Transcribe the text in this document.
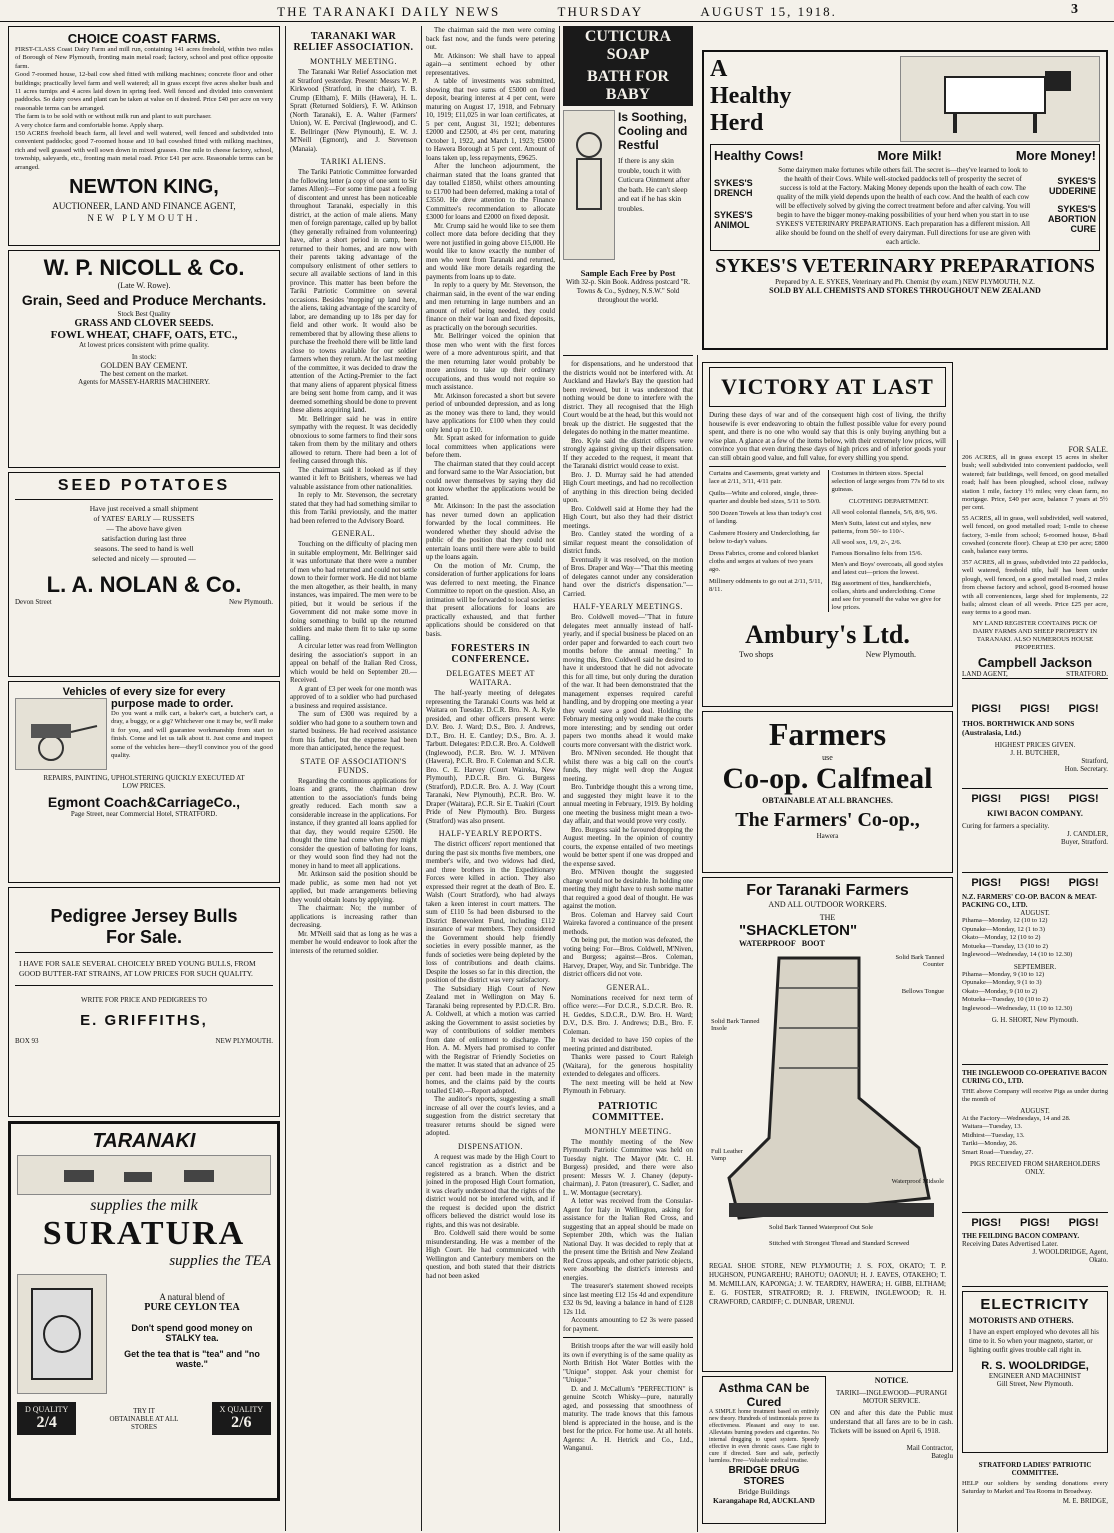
THE TARANAKI DAILY NEWS	THURSDAY	AUGUST 15, 1918.	3
CHOICE COAST FARMS.
FIRST-CLASS Coast Dairy Farm and mill run, containing 141 acres freehold, within two miles of Borough of New Plymouth, fronting main metal road; factory, school and post office opposite farm.
Good 7-roomed house, 12-bail cow shed fitted with milking machines; concrete floor and other buildings; practically level farm and well watered; all in grass except five acres shelter bush and 11 acres turnips and 4 acres laid down in spring feed. Well fenced and divided into convenient paddocks. So dairy cows and plant can be taken at value on if desired. Price £40 per acre on very reasonable terms can be arranged.
The farm is to be sold with or without milk run and plant to suit purchaser.
A very choice farm and comfortable home. Apply sharp.
150 ACRES freehold beach farm, all level and well watered, well fenced and subdivided into convenient paddocks; good 7-roomed house and 10 bail cowshed fitted with milking machines, rich and well grassed with well sown down in mixed grasses. One mile to cheese factory, school, township, saleyards, etc., fronting main metal road. Price £41 per acre. Reasonable terms can be arranged.
NEWTON KING,
AUCTIONEER, LAND AND FINANCE AGENT,
NEW PLYMOUTH.
W. P. NICOLL & Co.
(Late W. Rowe).
Grain, Seed and Produce Merchants.
Stock Best Quality
GRASS AND CLOVER SEEDS.
FOWL WHEAT, CHAFF, OATS, ETC.,
At lowest prices consistent with prime quality.
In stock:
GOLDEN BAY CEMENT.
The best cement on the market.
Agents for MASSEY-HARRIS MACHINERY.
SEED POTATOES
Have just received a small shipment of YATES' EARLY — RUSSETS — The above have given satisfaction during last three seasons. The seed to hand is well selected and nicely — sprouted —
L. A. NOLAN & Co.
Devon Street	New Plymouth.
Vehicles of every size for every
purpose made to order.
Do you want a milk cart, a baker's cart, a butcher's cart, a dray, a buggy, or a gig? Whichever one it may be, we'll make it for you, and will guarantee workmanship from start to finish. Come and let us talk about it. Just come and inspect some of the vehicles here—they'll convince you of the good quality.
REPAIRS, PAINTING, UPHOLSTERING QUICKLY EXECUTED AT LOW PRICES.
Egmont Coach&CarriageCo.,
Page Street, near Commercial Hotel, STRATFORD.
Pedigree Jersey Bulls
For Sale.
I HAVE FOR SALE SEVERAL CHOICELY BRED YOUNG BULLS, FROM GOOD BUTTER-FAT STRAINS, AT LOW PRICES FOR SUCH QUALITY.
WRITE FOR PRICE AND PEDIGREES TO
E. GRIFFITHS,
BOX 93	NEW PLYMOUTH.
TARANAKI
supplies the milk
SURATURA
supplies the TEA
A natural blend of
PURE CEYLON TEA
Don't spend good money on STALKY tea.
Get the tea that is "tea" and "no waste."
D QUALITY
2/4
TRY IT
OBTAINABLE AT ALL STORES
X QUALITY
2/6
TARANAKI WAR RELIEF ASSOCIATION.
MONTHLY MEETING.

The Taranaki War Relief Association met at Stratford yesterday. Present: Messrs W. P. Kirkwood (Stratford, in the chair), T. B. Crump (Eltham), F. Mills (Hawera), H. L. Spratt (Returned Soldiers), F. W. Atkinson (North Taranaki), E. A. Walter (Farmers' Union), W. E. Percival (Inglewood), and C. E. Bellringer (New Plymouth), E. W. J. M'Neill (Egmont), and J. Stevenson (Manaia).

TARIKI ALIENS.

The Tariki Patriotic Committee forwarded the following letter (a copy of one sent to Sir James Allen):—For some time past a feeling of discontent and unrest has been noticeable throughout Taranaki, especially in this district, at the action of male aliens. Many men of foreign parentage, called up by ballot (they generally refrained from volunteering) have, after a short period in camp, been returned to their homes, and are now with their parents taking advantage of the compulsory enlistment of other settlers to secure all available sections of land in this province. This matter has been before the Tariki Patriotic Committee on several occasions. Besides 'mopping' up land here, the aliens, taking advantage of the scarcity of labor, are demanding up to 18s per day for field and other work. It would also be remembered that by allowing these aliens to purchase the freehold there will be little land close to towns available for our soldier farmers when they return. At the last meeting of the committee, it was decided to draw the attention of the Acting-Premier to the fact that many aliens of apparent physical fitness are being sent home from camp, and it was deemed something should be done to prevent these aliens acquiring land.

Mr. Bellringer said he was in entire sympathy with the request. It was decidedly obnoxious to some farmers to find their sons taken from them by the military and others allowed to return. There had been a lot of feeling caused through this.

The chairman said it looked as if they wanted it left to Britishers, whereas we had valuable assistance from other nationalities.

In reply to Mr. Stevenson, the secretary stated that they had had something similar to this from Tariki previously, and the matter had been referred to the Advisory Board.

GENERAL.

Touching on the difficulty of placing men in suitable employment, Mr. Bellringer said it was unfortunate that there were a number of men who had returned and could not settle down to their former work. He did not blame the men altogether, as their health, in many instances, was impaired. The men were to be pitied, but it would be serious if the Government did not make some move in doing something to build up the returned soldiers and make them fit to take up some calling.

A circular letter was read from Wellington desiring the association's support in an appeal on behalf of the Italian Red Cross, which would be held on September 20.—Received.

A grant of £3 per week for one month was approved of to a soldier who had purchased a business and required assistance.

The sum of £300 was required by a soldier who had gone to a southern town and started business. He had received assistance from his father, but the expense had been more than anticipated, hence the request.

STATE OF ASSOCIATION'S FUNDS.

Regarding the continuous applications for loans and grants, the chairman drew attention to the association's funds being greatly reduced. Each month saw a considerable increase in the applications. For instance, if they granted all loans applied for that day, they would require £2500. He thought the time had come when they might consider the question of balloting for loans, or they would soon find they had not the money in hand to meet all applications.

Mr. Atkinson said the position should be made public, as some men had not yet applied, but made arrangements believing they would obtain loans by applying.

The chairman: No; the number of applications is increasing rather than decreasing.

Mr. M'Neill said that as long as he was a member he would endeavor to look after the interests of the returned soldier.

The chairman said the men were coming back fast now, and the funds were petering out.

Mr. Atkinson: We shall have to appeal again—a sentiment echoed by other representatives.

A table of investments was submitted, showing that two sums of £5000 on fixed deposit, bearing interest at 4 per cent, were maturing on August 17, 1918, and February 10, 1919; £11,025 in war loan certificates, at 5 per cent, August 31, 1921; debentures £2000 and £2500, at 4½ per cent, maturing October 1, 1922, and March 1, 1923; £5000 to Hawera Borough at 5 per cent. Amount of loans taken up, less repayments, £9625.

After the luncheon adjournment, the chairman stated that the loans granted that day totalled £1850, whilst others amounting to £1700 had been deferred, making a total of £3550. He drew attention to the Finance Committee's recommendation to allocate £3000 for loans and £2000 on fixed deposit.

Mr. Crump said he would like to see them collect more data before deciding that they were not justified in going above £15,000. He would like to know exactly the number of men who went from Taranaki and returned, and would like more details regarding the payments from loans up to date.

In reply to a query by Mr. Stevenson, the chairman said, in the event of the war ending and men returning in large numbers and an amount of relief being needed, they could finance on their war loan and fixed deposits, as practically on the borough securities.

Mr. Bellringer voiced the opinion that those men who went with the first forces were of a more adventurous spirit, and that the men returning later would probably be more anxious to take up their ordinary occupations, and thus would not require so much assistance.

Mr. Atkinson forecasted a short but severe period of unbounded depression, and as long as the money was there to land, they would have applications for £100 when they could only lend up to £10.

Mr. Spratt asked for information to guide local committees when applications were before them.

The chairman stated that they could accept and forward same to the War Association, but could never themselves by saying they did not know whether the applications would be granted.

Mr. Atkinson: In the past the association has never turned down an application forwarded by the local committees. He wondered whether they should advise the public of the position that they could not entertain loans until there were able to build up the loans again.

On the motion of Mr. Crump, the consideration of further applications for loans was deferred to next meeting, the Finance Committee to report on the question. Also, an intimation will be forwarded to local societies that present allocations for loans are practically exhausted, and that further applications should be considered on that basis.

FORESTERS IN CONFERENCE.
DELEGATES MEET AT WAITARA.

The half-yearly meeting of delegates representing the Taranaki Courts was held at Waitara on Tuesday. D.C.R. Bro. N. A. Kyle presided, and other officers present were: D.V. Bro. J. Ward; D.S., Bro. J. Andrews, D.T., Bro. H. E. Cantley; D.S., Bro. A. J. Tarbutt. Delegates: P.D.C.R. Bro. A. Coldwell (Inglewood), P.C.R. Bro. W. J. M'Niven (Hawera), P.C.R. Bro. F. Coleman and S.C.R. Bro. C. E. Harvey (Court Waireka, New Plymouth), P.D.C.R. Bro. G. Burgess (Stratford), P.D.C.R. Bro. A. J. Way (Court Taranaki, New Plymouth), P.C.R. Bro. W. Draper (Waitara), P.C.R. Sir E. Tuakiri (Court Pride of New Plymouth). Bro. Burgess (Stratford) was also present.

HALF-YEARLY REPORTS.

The district officers' report mentioned that during the past six months five members, one member's wife, and two widows had died, and three brothers in the Expeditionary Forces were killed in action. They also expressed their regret at the death of Bro. E. Walsh (Court Stratford), who had always taken a keen interest in court matters. The sum of £110 5s had been disbursed to the District Benevolent Fund, including £112 insurance of war members. They considered the Government should help friendly societies in every possible manner, as the funds of societies were being depleted by the loss of contributions and death claims. Despite the losses so far in this direction, the position of the district was very satisfactory.

The Subsidiary High Court of New Zealand met in Wellington on May 6. Taranaki being represented by P.D.C.R. Bro. A. Coldwell, at which a motion was carried asking the Government to assist societies by way of contributions of soldier members from date of enlistment to discharge. The Hon. A. M. Myers had promised to confer with the Registrar of Friendly Societies on the matter. It was stated that an advance of 25 per cent. had been made in the maternity homes, and the claims paid by the courts totalled £140.—Report adopted.

The auditor's reports, suggesting a small increase of all over the court's levies, and a suggestion from the district secretary that treasurer returns should be signed were adopted.

DISPENSATION.

A request was made by the High Court to cancel registration as a district and be registered as a branch. When the district joined in the proposed High Court formation, it was clearly understood that the rights of the district would not be interfered with, and if the request is decided upon the district officers believed the district would lose its rights, and this was not desirable.

Bro. Coldwell said there would be some misunderstanding. He was a member of the High Court. He had communicated with Wellington and Canterbury members on the question, and both stated that their districts had not been asked

CUTICURA SOAP
BATH FOR BABY
Is Soothing,
Cooling and
Restful
If there is any skin trouble, touch it with Cuticura Ointment after the bath. He can't sleep and eat if he has skin troubles.
Sample Each Free by Post
With 32-p. Skin Book. Address postcard "R. Towns & Co., Sydney, N.S.W." Sold throughout the world.

for dispensations, and he understood that the districts would not be interfered with. At Auckland and Hawke's Bay the question had been reviewed, but it was understood that nothing would be done to interfere with the district. They all recognised that the High Court would be at the head, but this would not break up the district. He suggested that the delegates do nothing in the matter meantime.

Bro. Kyle said the district officers were strongly against giving up their dispensation. If they acceded to the request, it meant that the Taranaki district would cease to exist.

Bro. J. D. Murray said he had attended High Court meetings, and had no recollection of anything in this direction being decided upon.

Bro. Coldwell said at Home they had the High Court, but also they had their district meetings.

Bro. Cantley stated the wording of a similar request meant the consolidation of district funds.

Eventually it was resolved, on the motion of Bros. Draper and Way—"That this meeting of delegates cannot under any consideration hand over the district's dispensation."—Carried.

HALF-YEARLY MEETINGS.

Bro. Coldwell moved—"That in future delegates meet annually instead of half-yearly, and if special business be placed on an order paper and forwarded to each court two months before the annual meeting." In moving this, Bro. Coldwell said he desired to have it understood that he did not advocate this for all time, but only during the duration of the war. It had been demonstrated that the management expenses required careful handling, and by dropping one meeting a year they would save a good deal. Holding the February meeting only would make the courts more interesting; and by sending out order papers two months ahead it would make courts more conversant with the district work.

Bro. M'Niven seconded. He thought that whilst there was a big call on the court's funds, they might well drop the August meeting.

Bro. Tunbridge thought this a wrong time, and suggested they might leave it to the annual meeting in February, 1919. By holding one meeting the business might mean a two-day affair, and that would prove very costly.

Bro. Burgess said he favoured dropping the August meeting. In the opinion of country courts, the expense entailed of two meetings would be better spent if one was dropped and the expense saved.

Bro. M'Niven thought the suggested change would not be desirable. In holding one meeting they might have to rush some matter that required a good deal of thought. He was against the motion.

Bros. Coleman and Harvey said Court Waireka favored a continuance of the present methods.

On being put, the motion was defeated, the voting being: For—Bros. Coldwell, M'Niven, and Burgess; against—Bros. Coleman, Harvey, Draper, Way, and Sir. Tunbridge. The district officers did not vote.

GENERAL.

Nominations received for next term of office were:—For D.C.R., S.D.C.R. Bro. R. H. Geddes, S.D.C.R., D.W. Bro. H. Ward; D.V., D.S. Bro. J. Andrews; D.B., Bro. F. Coleman.

It was decided to have 150 copies of the meeting printed and distributed.

Thanks were passed to Court Raleigh (Waitara), for the generous hospitality extended to delegates and officers.

The next meeting will be held at New Plymouth in February.

PATRIOTIC COMMITTEE.
MONTHLY MEETING.

The monthly meeting of the New Plymouth Patriotic Committee was held on Tuesday night. The Mayor (Mr. C. H. Burgess) presided, and there were also present: Messrs W. J. Chaney (deputy-chairman), J. Paton (treasurer), C. Sadler, and L. W. Montague (secretary).

A letter was received from the Consular-Agent for Italy in Wellington, asking for assistance for the Italian Red Cross, and suggesting that an appeal should be made on September 20th, which was the Italian National Day. It was decided to reply that at the present time the British and New Zealand Red Cross appeals, and other patriotic objects, were absorbing the district's interests and energies.

The treasurer's statement showed receipts since last meeting £12 15s 4d and expenditure £32 0s 9d, leaving a balance in hand of £128 12s 11d.

Accounts amounting to £2 3s were passed for payment.

British troops after the war will easily hold its own if everything is of the same quality as North British Hot Water Bottles with the "Unique" stopper. Ask your chemist for "Unique."

D. and J. McCallum's "PERFECTION" is genuine Scotch Whisky—pure, naturally aged, and possessing that smoothness of maturity. The trade knows that this famous blend is appreciated in the house, and is the best for the price. For home use. At all hotels. Agents: A. H. Hetrick and Co., Ltd., Wanganui.

A
Healthy
Herd
Healthy Cows!	More Milk!	More Money!
SYKES'S
DRENCH
SYKES'S
ANIMOL
Some dairymen make fortunes while others fail. The secret is—they've learned to look to the health of their Cows. While well-stocked paddocks tell of prosperity the secret of success is told at the Factory. Making Money depends upon the health of each cow. The quality of the milk yield depends upon the health of each cow. And the health of each cow will be effectively solved by giving the correct treatment before and after calving. You will begin to have the bigger money-making possibilities of your herd when you start in to use SYKES'S VETERINARY PREPARATIONS. Each preparation has a different mission. All alike should be found on the shelf of every dairyman. Full directions for use are given with each article.
SYKES'S
UDDERINE
SYKES'S
ABORTION
CURE
SYKES'S VETERINARY PREPARATIONS
Prepared by A. E. SYKES, Veterinary and Ph. Chemist (by exam.) NEW PLYMOUTH, N.Z.
SOLD BY ALL CHEMISTS AND STORES THROUGHOUT NEW ZEALAND
VICTORY AT LAST
During these days of war and of the consequent high cost of living, the thrifty housewife is ever endeavoring to obtain the fullest possible value for every pound spent, and there is no one who would say that this is only buying anything but a wise plan. A glance at a few of the items below, with their extremely low prices, will convince you that even during these days of high prices and of inferior goods your can still obtain good value, and full value, for every shilling you spend.
Curtains and Casements, great variety and lace at 2/11, 3/11, 4/11 pair.
Quilts—White and colored, single, three-quarter and double bed sizes, 5/11 to 50/0.
500 Dozen Towels at less than today's cost of landing.
Cashmere Hosiery and Underclothing, far below to-day's values.
Dress Fabrics, crome and colored blanket cloths and serges at values of two years ago.
Millinery oddments to go out at 2/11, 5/11, 8/11.
Costumes in thirteen sizes. Special selection of large serges from 77s 6d to six guineas.
CLOTHING DEPARTMENT.
All wool colonial flannels, 5/6, 8/6, 9/6.
Men's Suits, latest cut and styles, new patterns, from 50/- to 110/-.
All wool sox, 1/9, 2/-, 2/6.
Famous Borsalino felts from 15/6.
Men's and Boys' overcoats, all good styles and latest cut—prices the lowest.
Big assortment of ties, handkerchiefs, collars, shirts and underclothing. Come and see for yourself the value we give for low prices.
Ambury's Ltd.
Two shops	New Plymouth.
Farmers
use
Co-op. Calfmeal
OBTAINABLE AT ALL BRANCHES.
The Farmers' Co-op.,
Hawera
For Taranaki Farmers
AND ALL OUTDOOR WORKERS.
THE
"SHACKLETON"
WATERPROOF BOOT
Solid Bark Tanned Counter
Bellows Tongue
Solid Bark Tanned Insole
Full Leather Vamp
Waterproof Midsole
Solid Bark Tanned Waterproof Out Sole
Stitched with Strongest Thread and Standard Screwed
REGAL SHOE STORE, NEW PLYMOUTH; J. S. FOX, OKATO; T. P. HUGHSON, PUNGAREHU; RAHOTU; OAONUI; H. J. EAVES, OTAKEHO; T. M. McMILLAN, KAPONGA; J. W. TEARDRY, HAWERA; H. GIBB, ELTHAM; E. G. FOSTER, STRATFORD; R. J. FREWIN, INGLEWOOD; R. H. CRAWFORD, CARDIFF; C. DUNBAR, URENUI.
Asthma CAN be Cured
A SIMPLE home treatment based on entirely new theory. Hundreds of testimonials prove its effectiveness. Pleasant and easy to use. Alleviates burning powders and cigarettes. No internal drugging to upset system. Speedy effective in even chronic cases. Case right to cure if directed. Sure and safe, perfectly harmless. Free—Valuable medical treatise.
BRIDGE DRUG STORES
Bridge Buildings
Karangahape Rd, AUCKLAND
NOTICE.
TARIKI—INGLEWOOD—PURANGI MOTOR SERVICE.
ON and after this date the Public must understand that all fares are to be in cash. Tickets will be issued on April 6, 1918.
Mail Contractor,
Bateglu
FOR SALE.
206 ACRES, all in grass except 15 acres in shelter bush; well subdivided into convenient paddocks, well watered; fair buildings, well fenced, on good metalled road; half has been ploughed, school close, railway station 1 mile, factory 1½ miles; very clean farm, no mortgage. Price, £40 per acre, balance 7 years at 5½ per cent.
55 ACRES, all in grass, well subdivided, well watered, well fenced, on good metalled road; 1-mile to cheese factory, 3-mile from school; 6-roomed house, 8-bail cowshed (concrete floor). Cheap at £30 per acre; £800 cash, balance easy terms.
357 ACRES, all in grass, subdivided into 22 paddocks, well watered, freehold title, half has been under plough, well fenced, on a good metalled road, 2 miles from cheese factory and school, good 8-roomed house with all conveniences, large shed for implements, 22 bails; almost clean of all weeds. Price £25 per acre, easy terms to a good man.
MY LAND REGISTER CONTAINS PICK OF DAIRY FARMS AND SHEEP PROPERTY IN TARANAKI. ALSO NUMEROUS HOUSE PROPERTIES.
Campbell Jackson
LAND AGENT,	STRATFORD.
PIGS! PIGS! PIGS!
THOS. BORTHWICK AND SONS (Australasia, Ltd.)
HIGHEST PRICES GIVEN.
J. H. BUTCHER,
Stratford,
Hon. Secretary.
PIGS! PIGS! PIGS!
KIWI BACON COMPANY.
Curing for farmers a speciality.
J. CANDLER,
Buyer, Stratford.
PIGS! PIGS! PIGS!
N.Z. FARMERS' CO-OP. BACON & MEAT-PACKING CO., LTD.
AUGUST.
Pihama—Monday, 12 (10 to 12)
Opunake—Monday, 12 (1 to 3)
Okato—Monday, 12 (10 to 2)
Motueka—Tuesday, 13 (10 to 2)
Inglewood—Wednesday, 14 (10 to 12.30)
SEPTEMBER.
Pihama—Monday, 9 (10 to 12)
Opunake—Monday, 9 (1 to 3)
Okato—Monday, 9 (10 to 2)
Motueka—Tuesday, 10 (10 to 2)
Inglewood—Wednesday, 11 (10 to 12.30)
G. H. SHORT, New Plymouth.
THE INGLEWOOD CO-OPERATIVE BACON CURING CO., LTD.
THE above Company will receive Pigs as under during the month of
AUGUST.
At the Factory—Wednesdays, 14 and 28.
Waitara—Tuesday, 13.
Midhirst—Tuesday, 13.
Tariki—Monday, 26.
Smart Road—Tuesday, 27.
PIGS RECEIVED FROM SHAREHOLDERS ONLY.
PIGS! PIGS! PIGS!
THE FEILDING BACON COMPANY.
Receiving Dates Advertised Later.
J. WOOLDRIDGE, Agent,
Okato.
ELECTRICITY
MOTORISTS AND OTHERS.
I have an expert employed who devotes all his time to it. So when your magneto, starter, or lighting outfit gives trouble call right in.
R. S. WOOLDRIDGE,
ENGINEER AND MACHINIST
Gill Street, New Plymouth.
STRATFORD LADIES' PATRIOTIC COMMITTEE.
HELP our soldiers by sending donations every Saturday to Market and Tea Rooms in Broadway.
M. E. BRIDGE,
